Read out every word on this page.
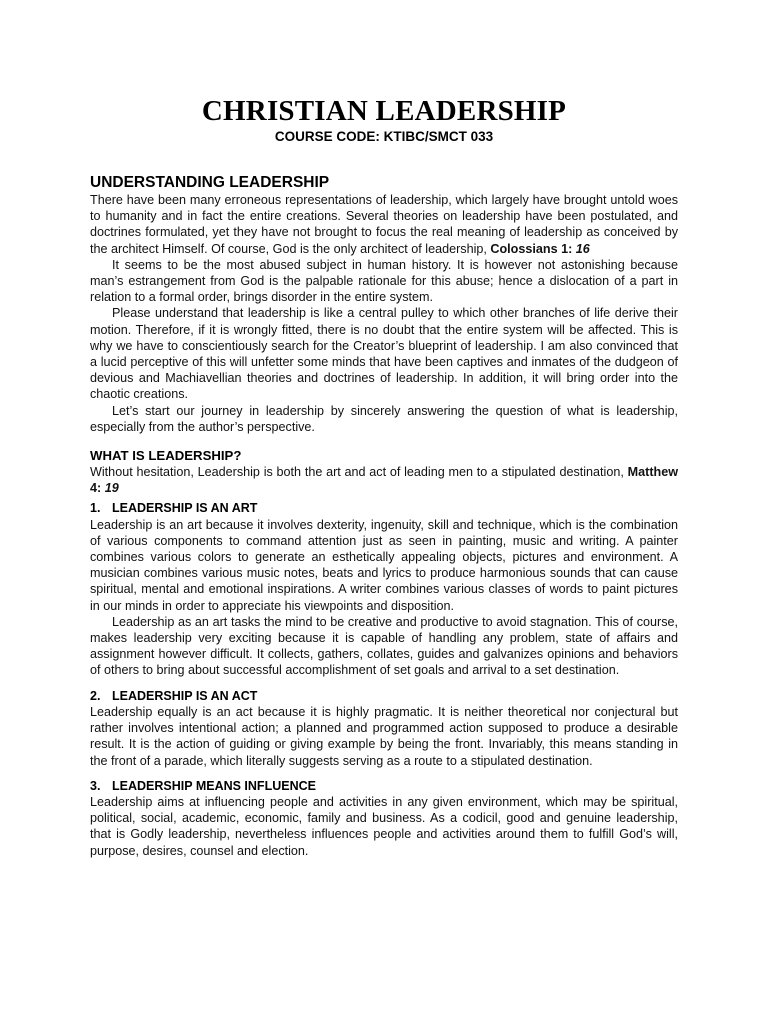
CHRISTIAN LEADERSHIP
COURSE CODE: KTIBC/SMCT 033
UNDERSTANDING LEADERSHIP

There have been many erroneous representations of leadership, which largely have brought untold woes to humanity and in fact the entire creations. Several theories on leadership have been postulated, and doctrines formulated, yet they have not brought to focus the real meaning of leadership as conceived by the architect Himself. Of course, God is the only architect of leadership, Colossians 1: 16

It seems to be the most abused subject in human history. It is however not astonishing because man’s estrangement from God is the palpable rationale for this abuse; hence a dislocation of a part in relation to a formal order, brings disorder in the entire system.

Please understand that leadership is like a central pulley to which other branches of life derive their motion. Therefore, if it is wrongly fitted, there is no doubt that the entire system will be affected. This is why we have to conscientiously search for the Creator’s blueprint of leadership. I am also convinced that a lucid perceptive of this will unfetter some minds that have been captives and inmates of the dudgeon of devious and Machiavellian theories and doctrines of leadership. In addition, it will bring order into the chaotic creations.

Let’s start our journey in leadership by sincerely answering the question of what is leadership, especially from the author’s perspective.

WHAT IS LEADERSHIP?

Without hesitation, Leadership is both the art and act of leading men to a stipulated destination, Matthew 4: 19

1. LEADERSHIP IS AN ART

Leadership is an art because it involves dexterity, ingenuity, skill and technique, which is the combination of various components to command attention just as seen in painting, music and writing. A painter combines various colors to generate an esthetically appealing objects, pictures and environment. A musician combines various music notes, beats and lyrics to produce harmonious sounds that can cause spiritual, mental and emotional inspirations. A writer combines various classes of words to paint pictures in our minds in order to appreciate his viewpoints and disposition.

Leadership as an art tasks the mind to be creative and productive to avoid stagnation. This of course, makes leadership very exciting because it is capable of handling any problem, state of affairs and assignment however difficult. It collects, gathers, collates, guides and galvanizes opinions and behaviors of others to bring about successful accomplishment of set goals and arrival to a set destination.

2. LEADERSHIP IS AN ACT

Leadership equally is an act because it is highly pragmatic. It is neither theoretical nor conjectural but rather involves intentional action; a planned and programmed action supposed to produce a desirable result. It is the action of guiding or giving example by being the front. Invariably, this means standing in the front of a parade, which literally suggests serving as a route to a stipulated destination.

3. LEADERSHIP MEANS INFLUENCE

Leadership aims at influencing people and activities in any given environment, which may be spiritual, political, social, academic, economic, family and business. As a codicil, good and genuine leadership, that is Godly leadership, nevertheless influences people and activities around them to fulfill God’s will, purpose, desires, counsel and election.
